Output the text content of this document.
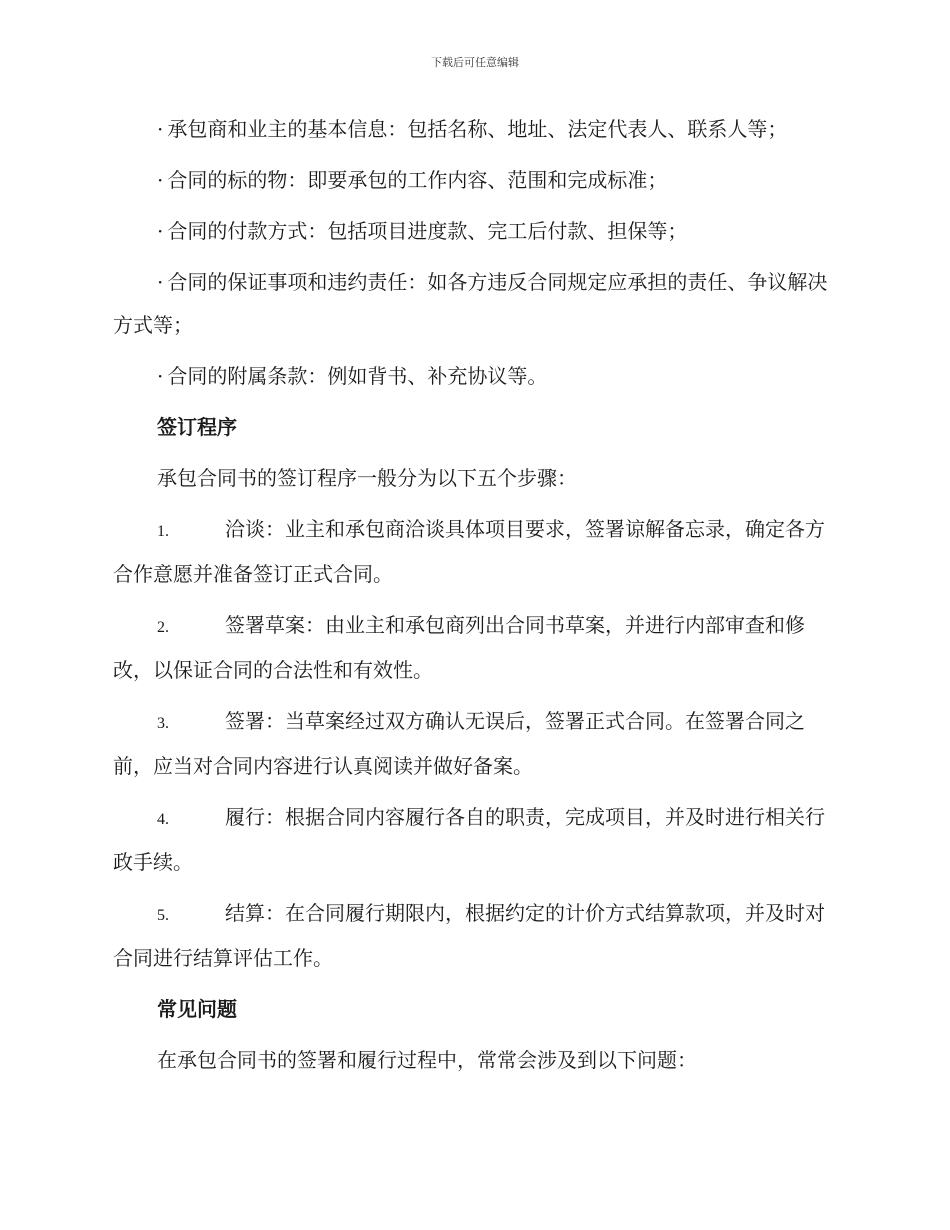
下载后可任意编辑

· 承包商和业主的基本信息：包括名称、地址、法定代表人、联系人等；

· 合同的标的物：即要承包的工作内容、范围和完成标准；

· 合同的付款方式：包括项目进度款、完工后付款、担保等；

· 合同的保证事项和违约责任：如各方违反合同规定应承担的责任、争议解决方式等；

· 合同的附属条款：例如背书、补充协议等。

签订程序

承包合同书的签订程序一般分为以下五个步骤：

1.	洽谈：业主和承包商洽谈具体项目要求，签署谅解备忘录，确定各方合作意愿并准备签订正式合同。

2.	签署草案：由业主和承包商列出合同书草案，并进行内部审查和修改，以保证合同的合法性和有效性。

3.	签署：当草案经过双方确认无误后，签署正式合同。在签署合同之前，应当对合同内容进行认真阅读并做好备案。

4.	履行：根据合同内容履行各自的职责，完成项目，并及时进行相关行政手续。

5.	结算：在合同履行期限内，根据约定的计价方式结算款项，并及时对合同进行结算评估工作。

常见问题

在承包合同书的签署和履行过程中，常常会涉及到以下问题：
